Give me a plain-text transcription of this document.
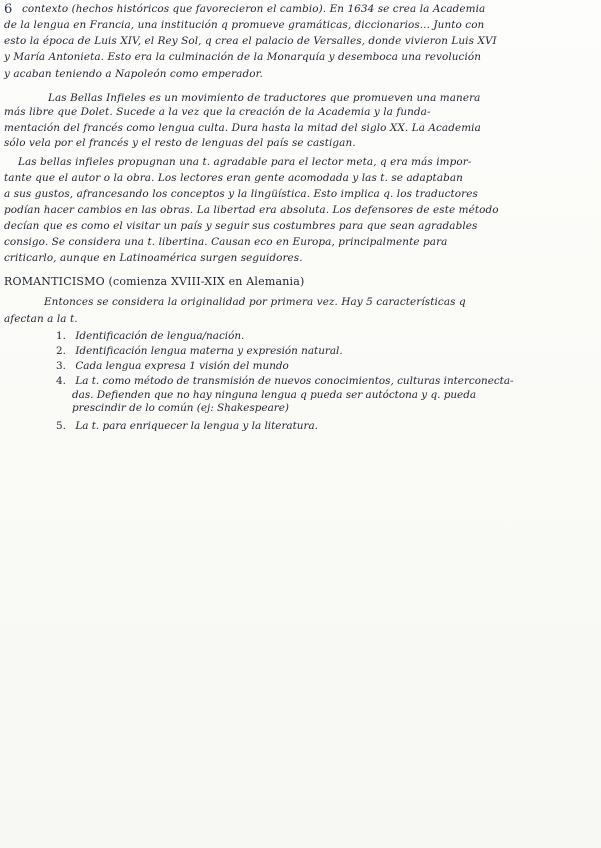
6 contexto (hechos históricos que favorecieron el cambio). En 1634 se crea la Academia
de la lengua en Francia, una institución q promueve gramáticas, diccionarios... Junto con
esto la época de Luis XIV, el Rey Sol, q crea el palacio de Versalles, donde vivieron Luis XVI
y María Antonieta. Esto era la culminación de la Monarquía y desemboca una revolución
y acaban teniendo a Napoleón como emperador.
Las Bellas Infieles es un movimiento de traductores que promueven una manera
más libre que Dolet. Sucede a la vez que la creación de la Academia y la funda-
mentación del francés como lengua culta. Dura hasta la mitad del siglo XX. La Academia
sólo vela por el francés y el resto de lenguas del país se castigan.
Las bellas infieles propugnan una t. agradable para el lector meta, q era más impor-
tante que el autor o la obra. Los lectores eran gente acomodada y las t. se adaptaban
a sus gustos, afrancesando los conceptos y la lingüística. Esto implica q. los traductores
podían hacer cambios en las obras. La libertad era absoluta. Los defensores de este método
decían que es como el visitar un país y seguir sus costumbres para que sean agradables
consigo. Se considera una t. libertina. Causan eco en Europa, principalmente para
criticarlo, aunque en Latinoamérica surgen seguidores.
ROMANTICISMO (comienza XVIII-XIX en Alemania)
Entonces se considera la originalidad por primera vez. Hay 5 características q
afectan a la t.
1. Identificación de lengua/nación.
2. Identificación lengua materna y expresión natural.
3. Cada lengua expresa 1 visión del mundo
4. La t. como método de transmisión de nuevos conocimientos, culturas interconecta-
das. Defienden que no hay ninguna lengua q pueda ser autóctona y q. pueda
prescindir de lo común (ej: Shakespeare)
5. La t. para enriquecer la lengua y la literatura.
